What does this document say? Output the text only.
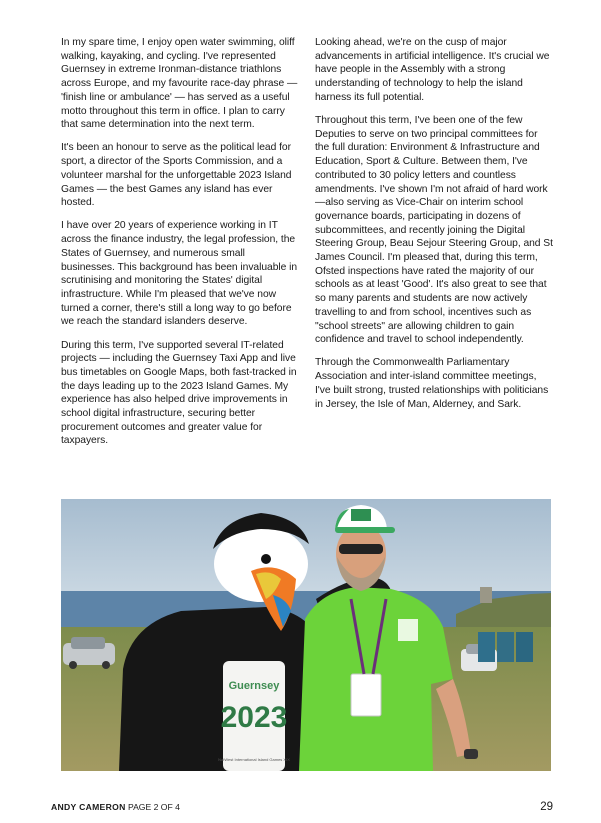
In my spare time, I enjoy open water swimming, oliff walking, kayaking, and cycling. I've represented Guernsey in extreme Ironman-distance triathlons across Europe, and my favourite race-day phrase — 'finish line or ambulance' — has served as a useful motto throughout this term in office. I plan to carry that same determination into the next term.

It's been an honour to serve as the political lead for sport, a director of the Sports Commission, and a volunteer marshal for the unforgettable 2023 Island Games — the best Games any island has ever hosted.

I have over 20 years of experience working in IT across the finance industry, the legal profession, the States of Guernsey, and numerous small businesses. This background has been invaluable in scrutinising and monitoring the States' digital infrastructure. While I'm pleased that we've now turned a corner, there's still a long way to go before we reach the standard islanders deserve.

During this term, I've supported several IT-related projects — including the Guernsey Taxi App and live bus timetables on Google Maps, both fast-tracked in the days leading up to the 2023 Island Games. My experience has also helped drive improvements in school digital infrastructure, securing better procurement outcomes and greater value for taxpayers.

Looking ahead, we're on the cusp of major advancements in artificial intelligence. It's crucial we have people in the Assembly with a strong understanding of technology to help the island harness its full potential.

Throughout this term, I've been one of the few Deputies to serve on two principal committees for the full duration: Environment & Infrastructure and Education, Sport & Culture. Between them, I've contributed to 30 policy letters and countless amendments. I've shown I'm not afraid of hard work—also serving as Vice-Chair on interim school governance boards, participating in dozens of subcommittees, and recently joining the Digital Steering Group, Beau Sejour Steering Group, and St James Council. I'm pleased that, during this term, Ofsted inspections have rated the majority of our schools as at least 'Good'. It's also great to see that so many parents and students are now actively travelling to and from school, incentives such as "school streets" are allowing children to gain confidence and travel to school independently.

Through the Commonwealth Parliamentary Association and inter-island committee meetings, I've built strong, trusted relationships with politicians in Jersey, the Isle of Man, Alderney, and Sark.

Guernsey
2023
NatWest International Island Games XIX
ANDY CAMERON PAGE 2 OF 4	29
